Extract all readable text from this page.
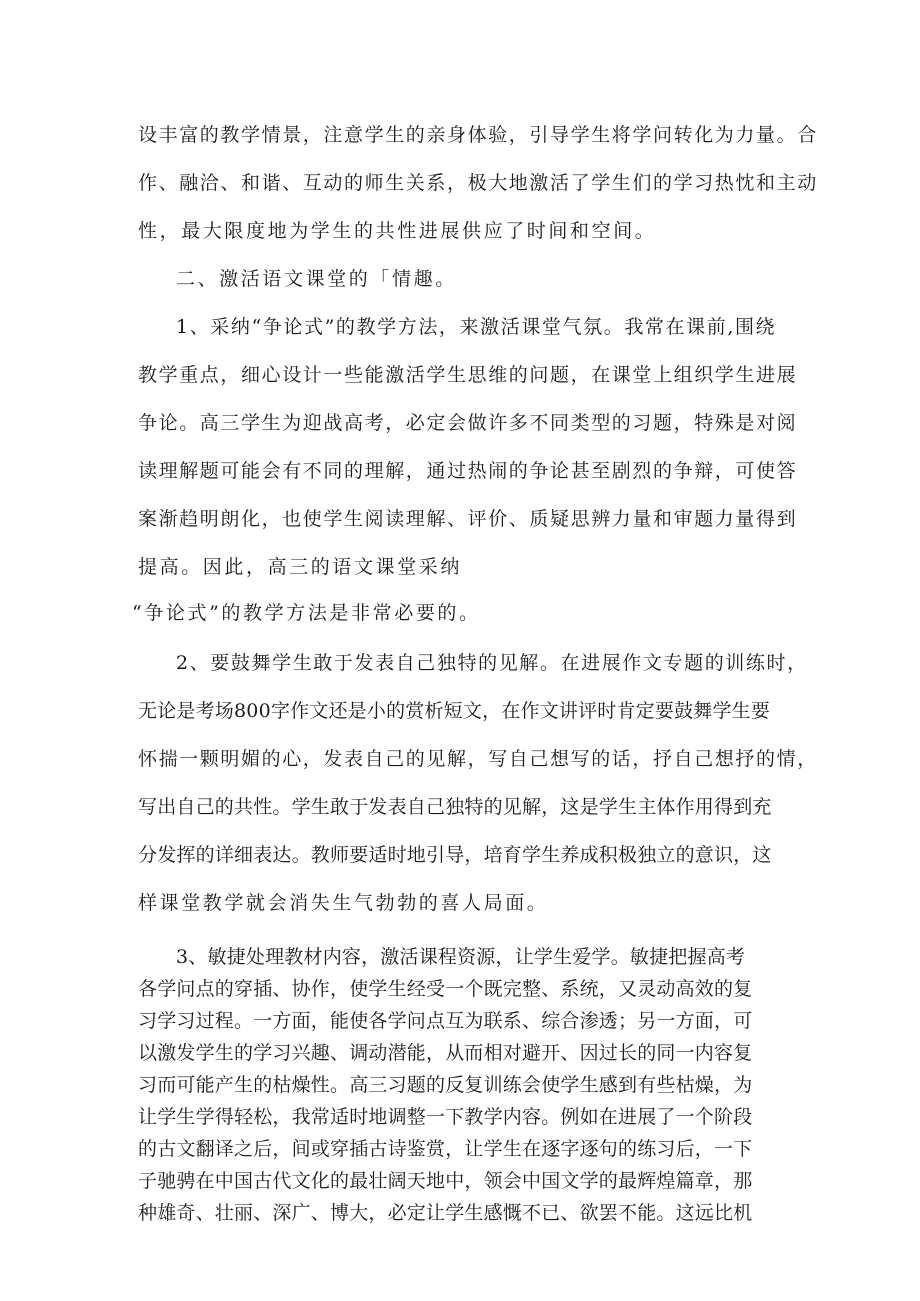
设丰富的教学情景，注意学生的亲身体验，引导学生将学问转化为力量。合
作、融洽、和谐、互动的师生关系，极大地激活了学生们的学习热忱和主动
性，最大限度地为学生的共性进展供应了时间和空间。
二、激活语文课堂的「情趣。
1、采纳“争论式”的教学方法，来激活课堂气氛。我常在课前,围绕
教学重点，细心设计一些能激活学生思维的问题，在课堂上组织学生进展
争论。高三学生为迎战高考，必定会做许多不同类型的习题，特殊是对阅
读理解题可能会有不同的理解，通过热闹的争论甚至剧烈的争辩，可使答
案渐趋明朗化，也使学生阅读理解、评价、质疑思辨力量和审题力量得到
提高。因此，高三的语文课堂采纳
“争论式”的教学方法是非常必要的。
2、要鼓舞学生敢于发表自己独特的见解。在进展作文专题的训练时，
无论是考场800字作文还是小的赏析短文，在作文讲评时肯定要鼓舞学生要
怀揣一颗明媚的心，发表自己的见解，写自己想写的话，抒自己想抒的情，
写出自己的共性。学生敢于发表自己独特的见解，这是学生主体作用得到充
分发挥的详细表达。教师要适时地引导，培育学生养成积极独立的意识，这
样课堂教学就会消失生气勃勃的喜人局面。
3、敏捷处理教材内容，激活课程资源，让学生爱学。敏捷把握高考
各学问点的穿插、协作，使学生经受一个既完整、系统，又灵动高效的复
习学习过程。一方面，能使各学问点互为联系、综合渗透；另一方面，可
以激发学生的学习兴趣、调动潜能，从而相对避开、因过长的同一内容复
习而可能产生的枯燥性。高三习题的反复训练会使学生感到有些枯燥，为
让学生学得轻松，我常适时地调整一下教学内容。例如在进展了一个阶段
的古文翻译之后，间或穿插古诗鉴赏，让学生在逐字逐句的练习后，一下
子驰骋在中国古代文化的最壮阔天地中，领会中国文学的最辉煌篇章，那
种雄奇、壮丽、深广、博大，必定让学生感慨不已、欲罢不能。这远比机
